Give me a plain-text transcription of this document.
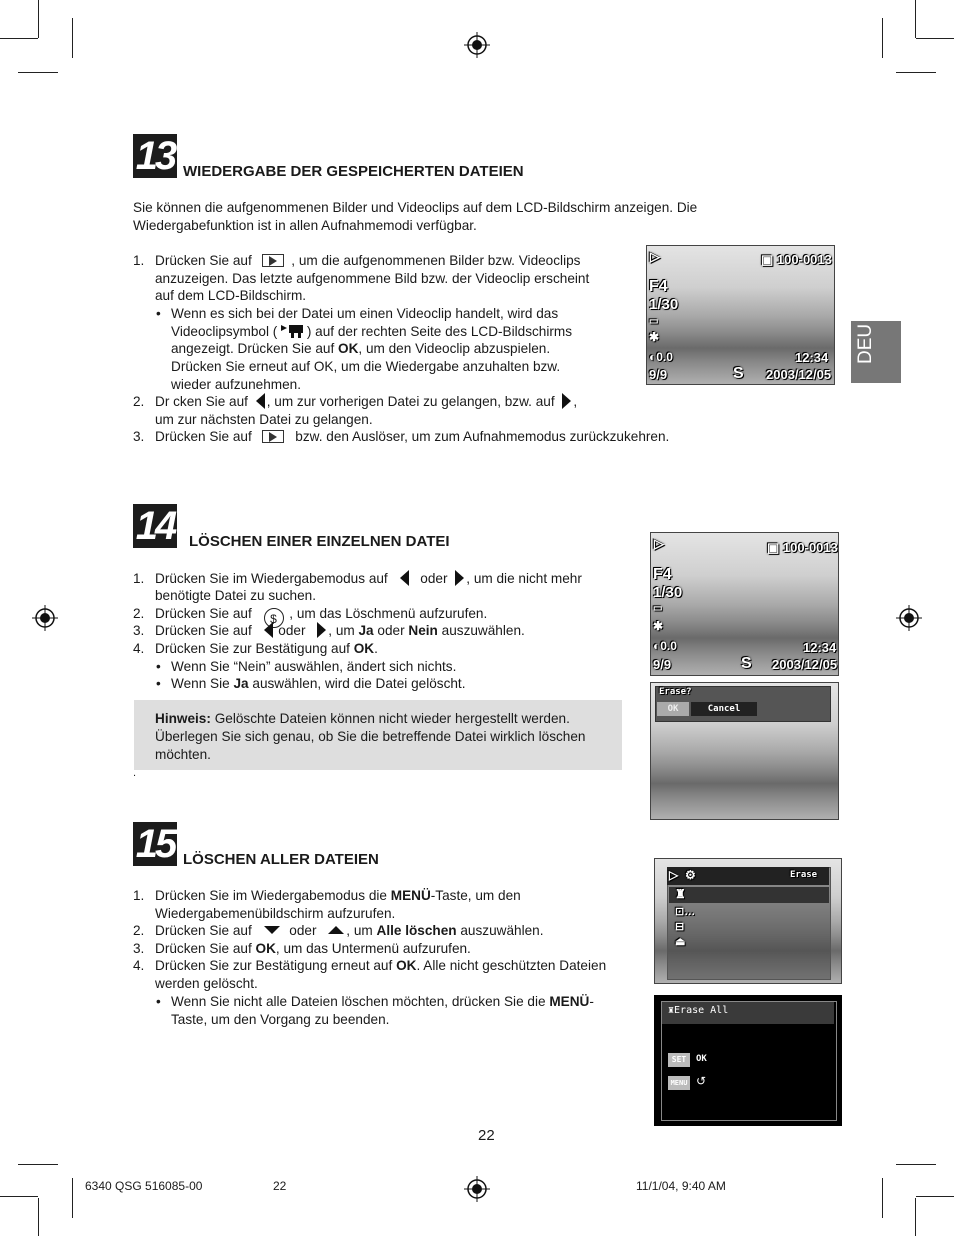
DEU
13 WIEDERGABE DER GESPEICHERTEN DATEIEN
Sie können die aufgenommenen Bilder und Videoclips auf dem LCD-Bildschirm anzeigen. Die
Wiedergabefunktion ist in allen Aufnahmemodi verfügbar.
1. Drücken Sie auf	, um die aufgenommenen Bilder bzw. Videoclips
anzuzeigen. Das letzte aufgenommene Bild bzw. der Videoclip erscheint
auf dem LCD-Bildschirm.
• Wenn es sich bei der Datei um einen Videoclip handelt, wird das
Videoclipsymbol ( ) auf der rechten Seite des LCD-Bildschirms
angezeigt. Drücken Sie auf OK, um den Videoclip abzuspielen.
Drücken Sie erneut auf OK, um die Wiedergabe anzuhalten bzw.
wieder aufzunehmen.
2. Dr cken Sie auf , um zur vorherigen Datei zu gelangen, bzw. auf ,
um zur nächsten Datei zu gelangen.
3. Drücken Sie auf	bzw. den Auslöser, um zum Aufnahmemodus zurückzukehren.
▷	▣ 100-0013
F4
1/30
▭
✱
◐0.0	12:34
9/9	S 2003/12/05
14 LÖSCHEN EINER EINZELNEN DATEI
1. Drücken Sie im Wiedergabemodus auf oder , um die nicht mehr
benötigte Datei zu suchen.
2. Drücken Sie auf $ , um das Löschmenü aufzurufen.
3. Drücken Sie auf oder , um Ja oder Nein auszuwählen.
4. Drücken Sie zur Bestätigung auf OK.
• Wenn Sie “Nein” auswählen, ändert sich nichts.
• Wenn Sie Ja auswählen, wird die Datei gelöscht.
Hinweis: Gelöschte Dateien können nicht wieder hergestellt werden.
Überlegen Sie sich genau, ob Sie die betreffende Datei wirklich löschen
möchten.
.
▷	▣ 100-0013
F4
1/30
▭
✱
◐0.0	12:34
9/9	S 2003/12/05
Erase?
OK	Cancel
15 LÖSCHEN ALLER DATEIEN
1. Drücken Sie im Wiedergabemodus die MENÜ-Taste, um den
Wiedergabemenübildschirm aufzurufen.
2. Drücken Sie auf	oder , um Alle löschen auszuwählen.
3. Drücken Sie auf OK, um das Untermenü aufzurufen.
4. Drücken Sie zur Bestätigung erneut auf OK. Alle nicht geschützten Dateien
werden gelöscht.
• Wenn Sie nicht alle Dateien löschen möchten, drücken Sie die MENÜ-
Taste, um den Vorgang zu beenden.
▷ ⚙	Erase
♜
⊡…
⊟
⏏
♜Erase All
SET	OK
MENU ↺
22
6340 QSG 516085-00	22	11/1/04, 9:40 AM
